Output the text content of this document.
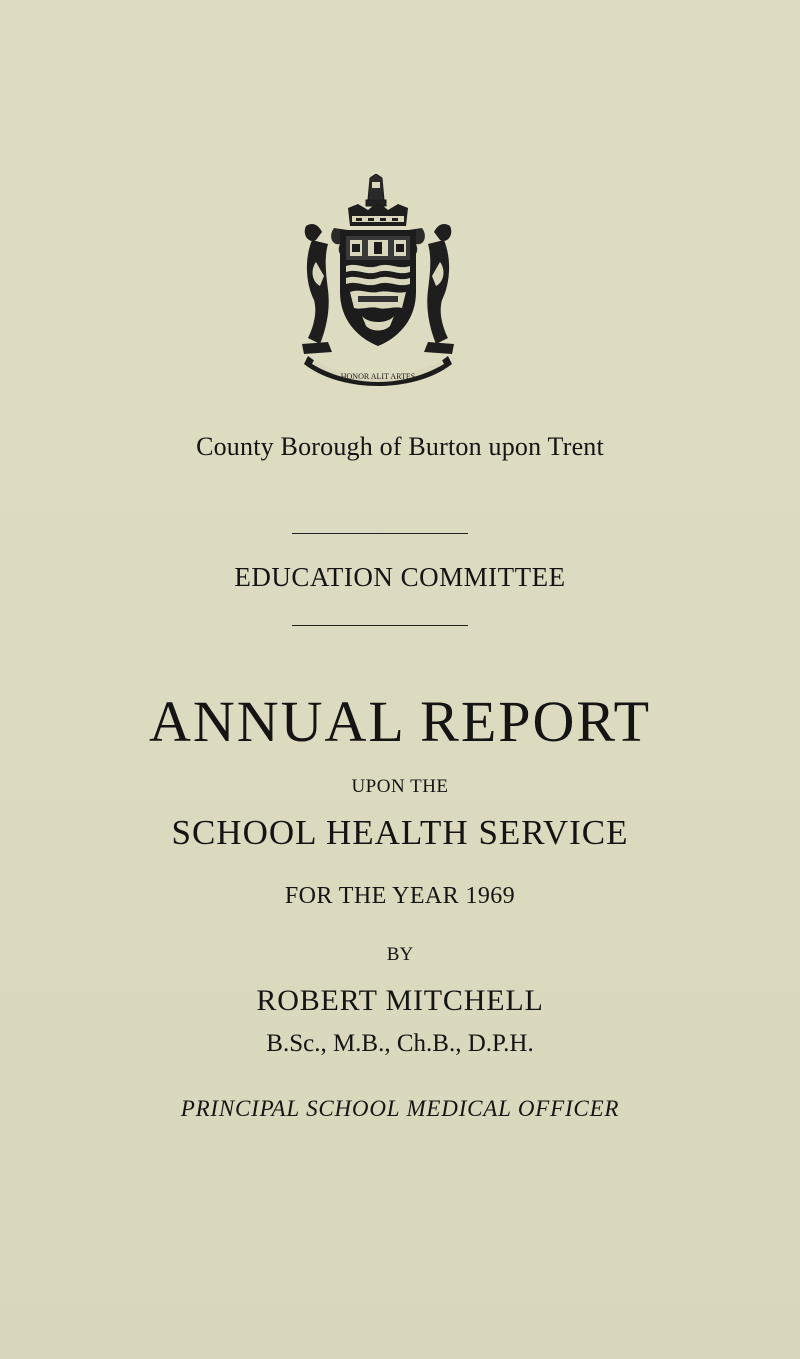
HONOR ALIT ARTES
County Borough of Burton upon Trent
EDUCATION COMMITTEE
ANNUAL REPORT
UPON THE
SCHOOL HEALTH SERVICE
FOR THE YEAR 1969
BY
ROBERT MITCHELL
B.Sc., M.B., Ch.B., D.P.H.
PRINCIPAL SCHOOL MEDICAL OFFICER
